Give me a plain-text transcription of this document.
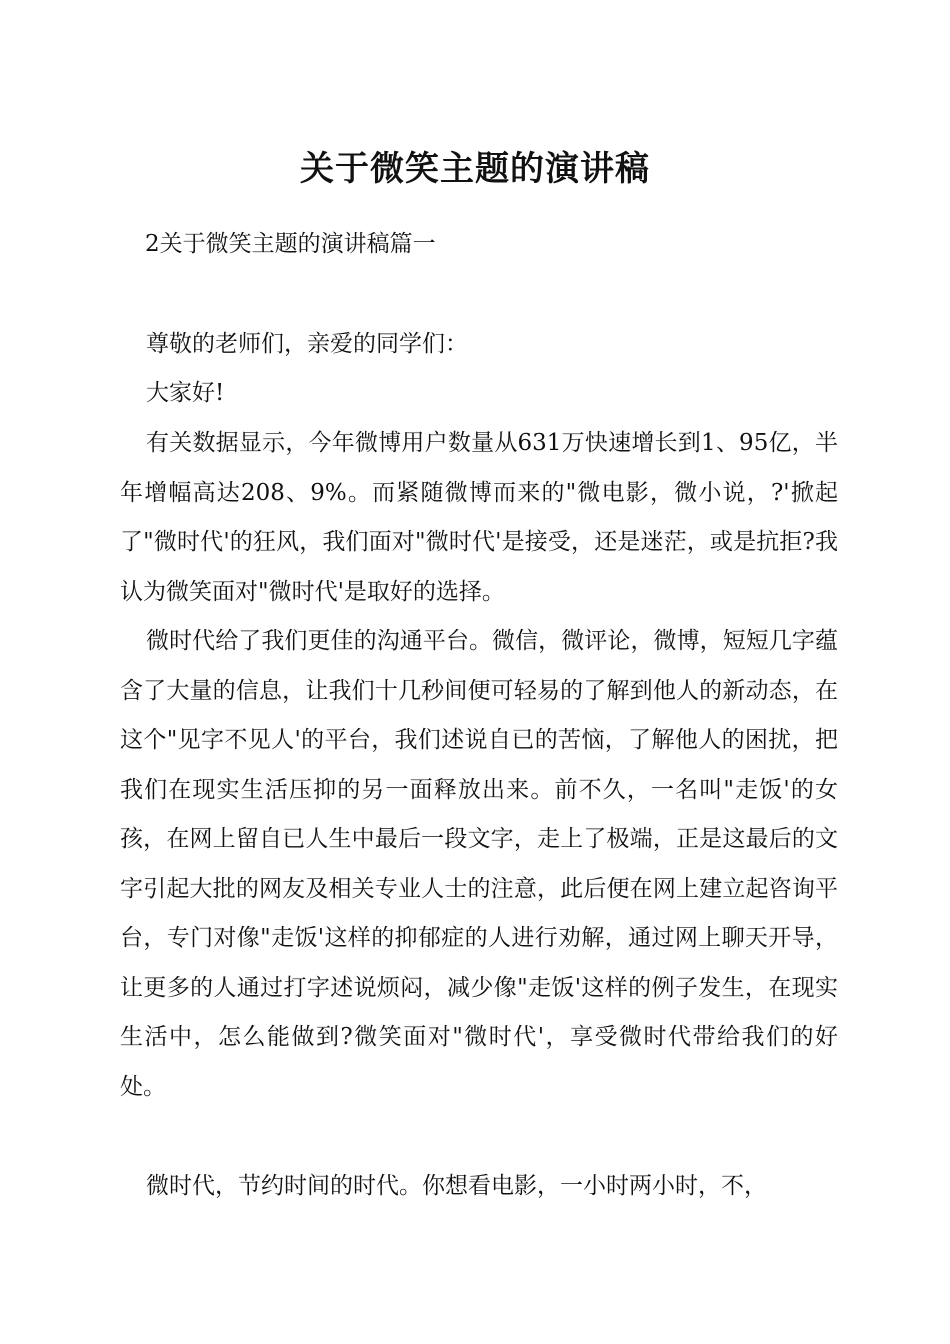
关于微笑主题的演讲稿
2关于微笑主题的演讲稿篇一

尊敬的老师们，亲爱的同学们：

大家好!

有关数据显示，今年微博用户数量从631万快速增长到1、95亿，半年增幅高达208、9%。而紧随微博而来的"微电影，微小说，?'掀起了"微时代'的狂风，我们面对"微时代'是接受，还是迷茫，或是抗拒?我认为微笑面对"微时代'是取好的选择。

微时代给了我们更佳的沟通平台。微信，微评论，微博，短短几字蕴含了大量的信息，让我们十几秒间便可轻易的了解到他人的新动态，在这个"见字不见人'的平台，我们述说自已的苦恼，了解他人的困扰，把我们在现实生活压抑的另一面释放出来。前不久，一名叫"走饭'的女孩，在网上留自已人生中最后一段文字，走上了极端，正是这最后的文字引起大批的网友及相关专业人士的注意，此后便在网上建立起咨询平台，专门对像"走饭'这样的抑郁症的人进行劝解，通过网上聊天开导，让更多的人通过打字述说烦闷，减少像"走饭'这样的例子发生，在现实生活中，怎么能做到?微笑面对"微时代'，享受微时代带给我们的好处。

微时代，节约时间的时代。你想看电影，一小时两小时，不，
